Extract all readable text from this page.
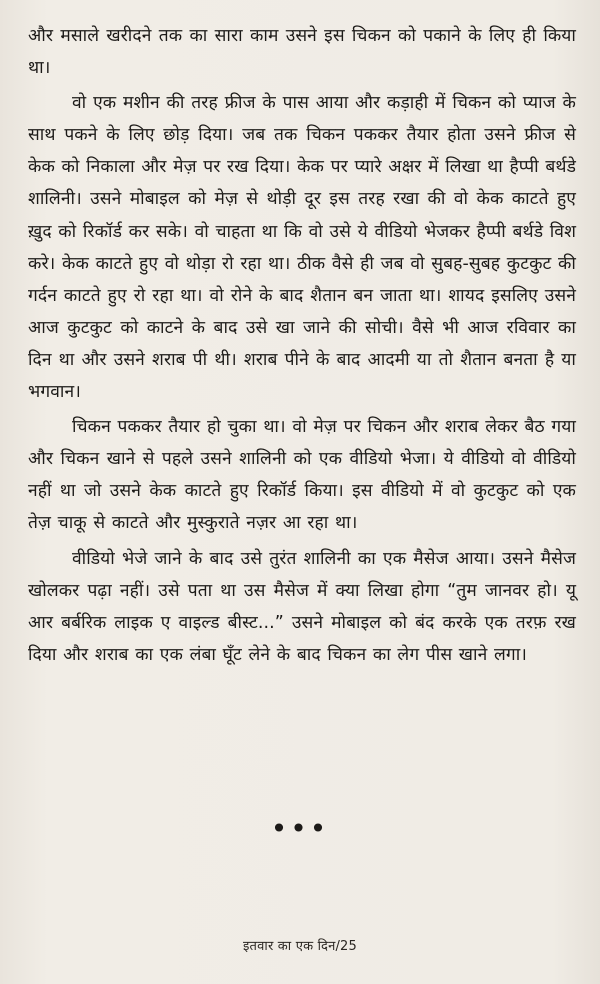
और मसाले खरीदने तक का सारा काम उसने इस चिकन को पकाने के लिए ही किया था।

वो एक मशीन की तरह फ्रीज के पास आया और कड़ाही में चिकन को प्याज के साथ पकने के लिए छोड़ दिया। जब तक चिकन पककर तैयार होता उसने फ्रीज से केक को निकाला और मेज़ पर रख दिया। केक पर प्यारे अक्षर में लिखा था हैप्पी बर्थडे शालिनी। उसने मोबाइल को मेज़ से थोड़ी दूर इस तरह रखा की वो केक काटते हुए ख़ुद को रिकॉर्ड कर सके। वो चाहता था कि वो उसे ये वीडियो भेजकर हैप्पी बर्थडे विश करे। केक काटते हुए वो थोड़ा रो रहा था। ठीक वैसे ही जब वो सुबह-सुबह कुटकुट की गर्दन काटते हुए रो रहा था। वो रोने के बाद शैतान बन जाता था। शायद इसलिए उसने आज कुटकुट को काटने के बाद उसे खा जाने की सोची। वैसे भी आज रविवार का दिन था और उसने शराब पी थी। शराब पीने के बाद आदमी या तो शैतान बनता है या भगवान।

चिकन पककर तैयार हो चुका था। वो मेज़ पर चिकन और शराब लेकर बैठ गया और चिकन खाने से पहले उसने शालिनी को एक वीडियो भेजा। ये वीडियो वो वीडियो नहीं था जो उसने केक काटते हुए रिकॉर्ड किया। इस वीडियो में वो कुटकुट को एक तेज़ चाकू से काटते और मुस्कुराते नज़र आ रहा था।

वीडियो भेजे जाने के बाद उसे तुरंत शालिनी का एक मैसेज आया। उसने मैसेज खोलकर पढ़ा नहीं। उसे पता था उस मैसेज में क्या लिखा होगा “तुम जानवर हो। यू आर बर्बरिक लाइक ए वाइल्ड बीस्ट...” उसने मोबाइल को बंद करके एक तरफ़ रख दिया और शराब का एक लंबा घूँट लेने के बाद चिकन का लेग पीस खाने लगा।

•••
इतवार का एक दिन/25
